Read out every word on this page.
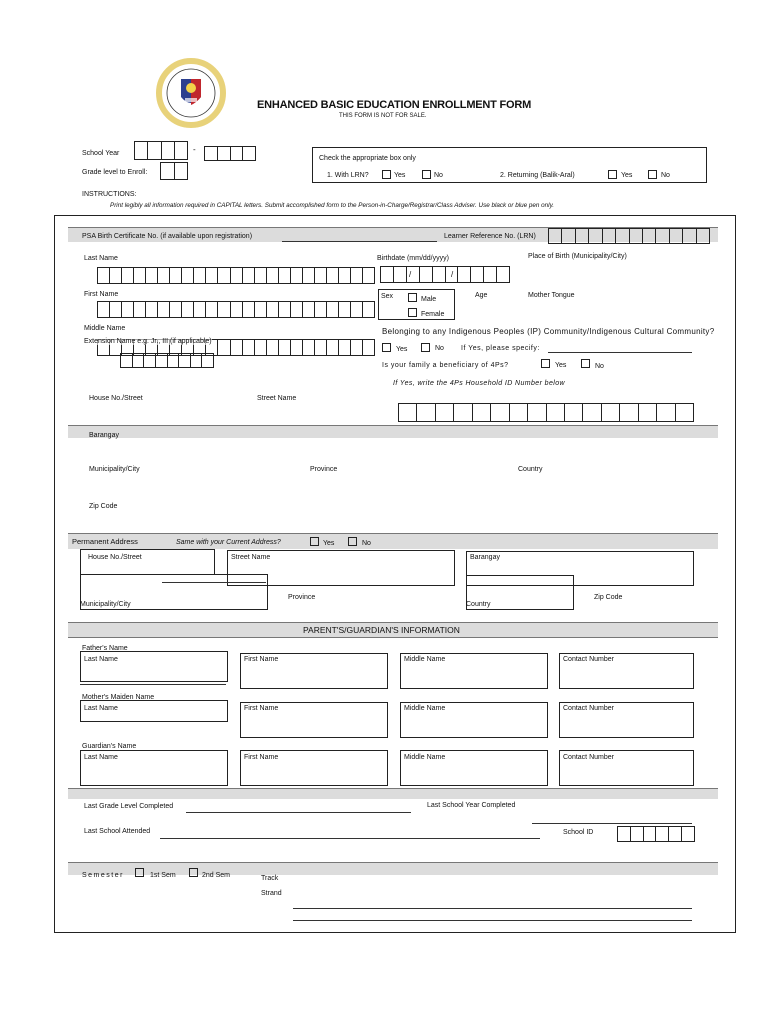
ENHANCED BASIC EDUCATION ENROLLMENT FORM
THIS FORM IS NOT FOR SALE.
School Year	-
Grade level to Enroll:
Check the appropriate box only
1. With LRN?	Yes	No	2. Returning (Balik-Aral)	Yes	No
INSTRUCTIONS:
Print legibly all information required in CAPITAL letters. Submit accomplished form to the Person-in-Charge/Registrar/Class Adviser. Use black or blue pen only.
PSA Birth Certificate No. (if available upon registration)	Learner Reference No. (LRN)
Last Name	Birthdate (mm/dd/yyyy)
/	/
Place of Birth (Municipality/City)
First Name	Sex	Male
Female
Age	Mother Tongue
Middle Name
Extension Name e.g. Jr., III (if applicable)
Belonging to any Indigenous Peoples (IP) Community/Indigenous Cultural Community?
Yes	No If Yes, please specify:
Is your family a beneficiary of 4Ps?	Yes	No
If Yes, write the 4Ps Household ID Number below
House No./Street	Street Name
Barangay
Municipality/City	Province	Country
Zip Code
Permanent Address	Same with your Current Address?	Yes	No
House No./Street	Street Name	Barangay
Municipality/City
Province
Country
Zip Code
PARENT'S/GUARDIAN'S INFORMATION
Father's Name
Last Name	First Name	Middle Name	Contact Number
Mother's Maiden Name
Last Name	First Name	Middle Name	Contact Number
Guardian's Name
Last Name	First Name	Middle Name	Contact Number
Last Grade Level Completed	Last School Year Completed
Last School Attended	School ID
Semester	1st Sem	2nd Sem	Track
Strand
